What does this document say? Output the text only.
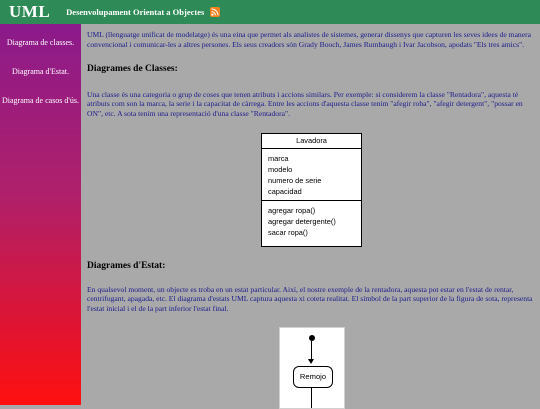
UML Desenvolupament Orientat a Objectes
Diagrama de classes.
Diagrama d'Estat.
Diagrama de casos d'ús.

UML (llenguatge unificat de modelatge) és una eina que permet als analistes de sistemes, generar dissenys que capturen les seves idees de manera convencional i comunicar-les a altres persones. Els seus creadors són Grady Booch, James Rumbaugh i Ivar Jacobson, apodats "Els tres amics".

Diagrames de Classes:

Una classe és una categoria o grup de coses que tenen atributs i accions similars. Per exemple: si considerem la classe "Rentadora", aquesta té atributs com son la marca, la serie i la capacitat de càrrega. Entre les accions d'aquesta classe tenim "afegir roba", "afegir detergent", "possar en ON", etc. A sota tenim una representació d'una classe "Rentadora".

Lavadora
marca
modelo
numero de serie
capacidad
agregar ropa()
agregar detergente()
sacar ropa()
Diagrames d'Estat:

En qualsevol moment, un objecte es troba en un estat particular. Així, el nostre exemple de la rentadora, aquesta pot estar en l'estat de rentar, centrifugant, apagada, etc. El diagrama d'estats UML captura aquesta xi coteta realitat. El símbol de la part superior de la figura de sota, representa l'estat inicial i el de la part inferior l'estat final.

Remojo
